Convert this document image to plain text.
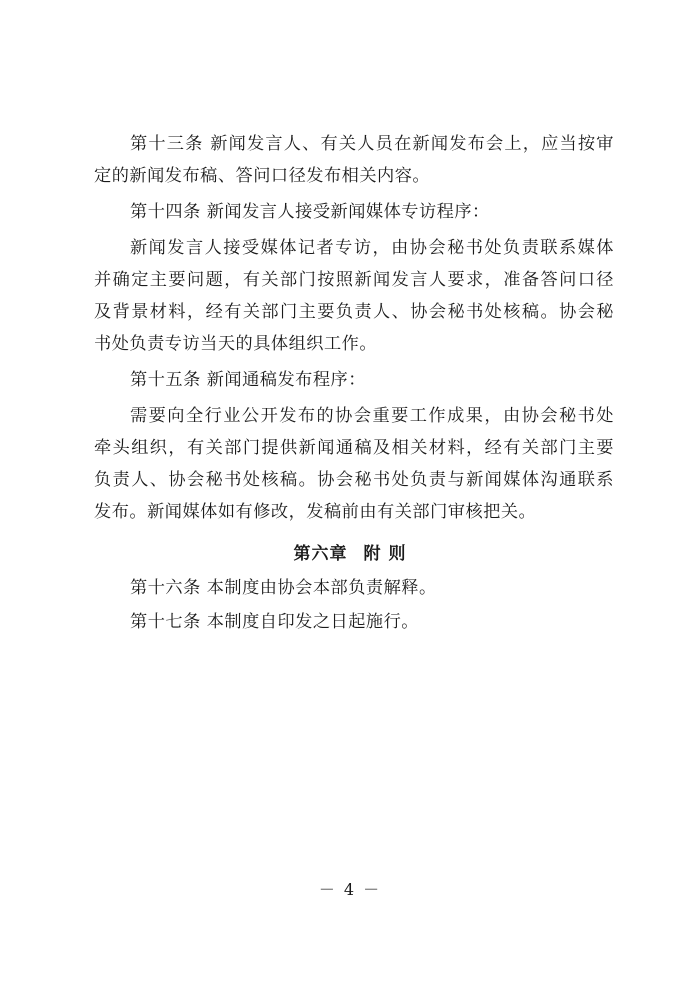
第十三条 新闻发言人、有关人员在新闻发布会上，应当按审
定的新闻发布稿、答问口径发布相关内容。
第十四条 新闻发言人接受新闻媒体专访程序：
新闻发言人接受媒体记者专访，由协会秘书处负责联系媒体
并确定主要问题，有关部门按照新闻发言人要求，准备答问口径
及背景材料，经有关部门主要负责人、协会秘书处核稿。协会秘
书处负责专访当天的具体组织工作。
第十五条 新闻通稿发布程序：
需要向全行业公开发布的协会重要工作成果，由协会秘书处
牵头组织，有关部门提供新闻通稿及相关材料，经有关部门主要
负责人、协会秘书处核稿。协会秘书处负责与新闻媒体沟通联系
发布。新闻媒体如有修改，发稿前由有关部门审核把关。
第六章 附 则
第十六条 本制度由协会本部负责解释。
第十七条 本制度自印发之日起施行。
－ 4 －
